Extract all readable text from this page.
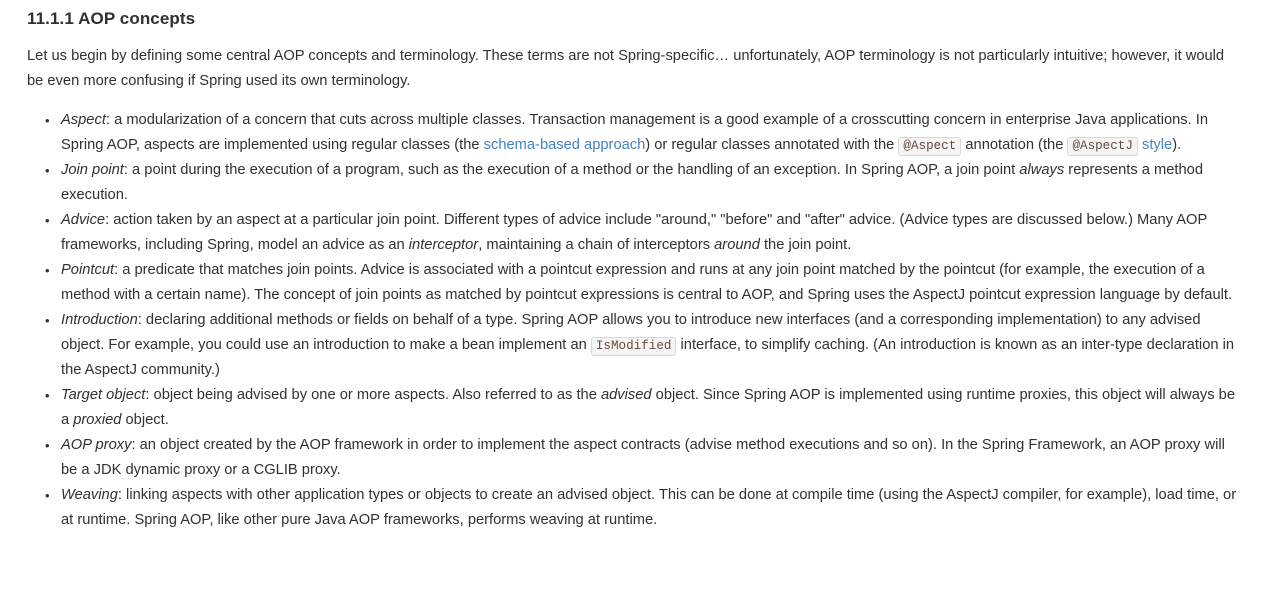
11.1.1 AOP concepts

Let us begin by defining some central AOP concepts and terminology. These terms are not Spring-specific… unfortunately, AOP terminology is not particularly intuitive; however, it would be even more confusing if Spring used its own terminology.

• Aspect: a modularization of a concern that cuts across multiple classes. Transaction management is a good example of a crosscutting concern in enterprise Java applications. In Spring AOP, aspects are implemented using regular classes (the schema-based approach) or regular classes annotated with the @Aspect annotation (the @AspectJ style).
• Join point: a point during the execution of a program, such as the execution of a method or the handling of an exception. In Spring AOP, a join point always represents a method execution.
• Advice: action taken by an aspect at a particular join point. Different types of advice include "around," "before" and "after" advice. (Advice types are discussed below.) Many AOP frameworks, including Spring, model an advice as an interceptor, maintaining a chain of interceptors around the join point.
• Pointcut: a predicate that matches join points. Advice is associated with a pointcut expression and runs at any join point matched by the pointcut (for example, the execution of a method with a certain name). The concept of join points as matched by pointcut expressions is central to AOP, and Spring uses the AspectJ pointcut expression language by default.
• Introduction: declaring additional methods or fields on behalf of a type. Spring AOP allows you to introduce new interfaces (and a corresponding implementation) to any advised object. For example, you could use an introduction to make a bean implement an IsModified interface, to simplify caching. (An introduction is known as an inter-type declaration in the AspectJ community.)
• Target object: object being advised by one or more aspects. Also referred to as the advised object. Since Spring AOP is implemented using runtime proxies, this object will always be a proxied object.
• AOP proxy: an object created by the AOP framework in order to implement the aspect contracts (advise method executions and so on). In the Spring Framework, an AOP proxy will be a JDK dynamic proxy or a CGLIB proxy.
• Weaving: linking aspects with other application types or objects to create an advised object. This can be done at compile time (using the AspectJ compiler, for example), load time, or at runtime. Spring AOP, like other pure Java AOP frameworks, performs weaving at runtime.
